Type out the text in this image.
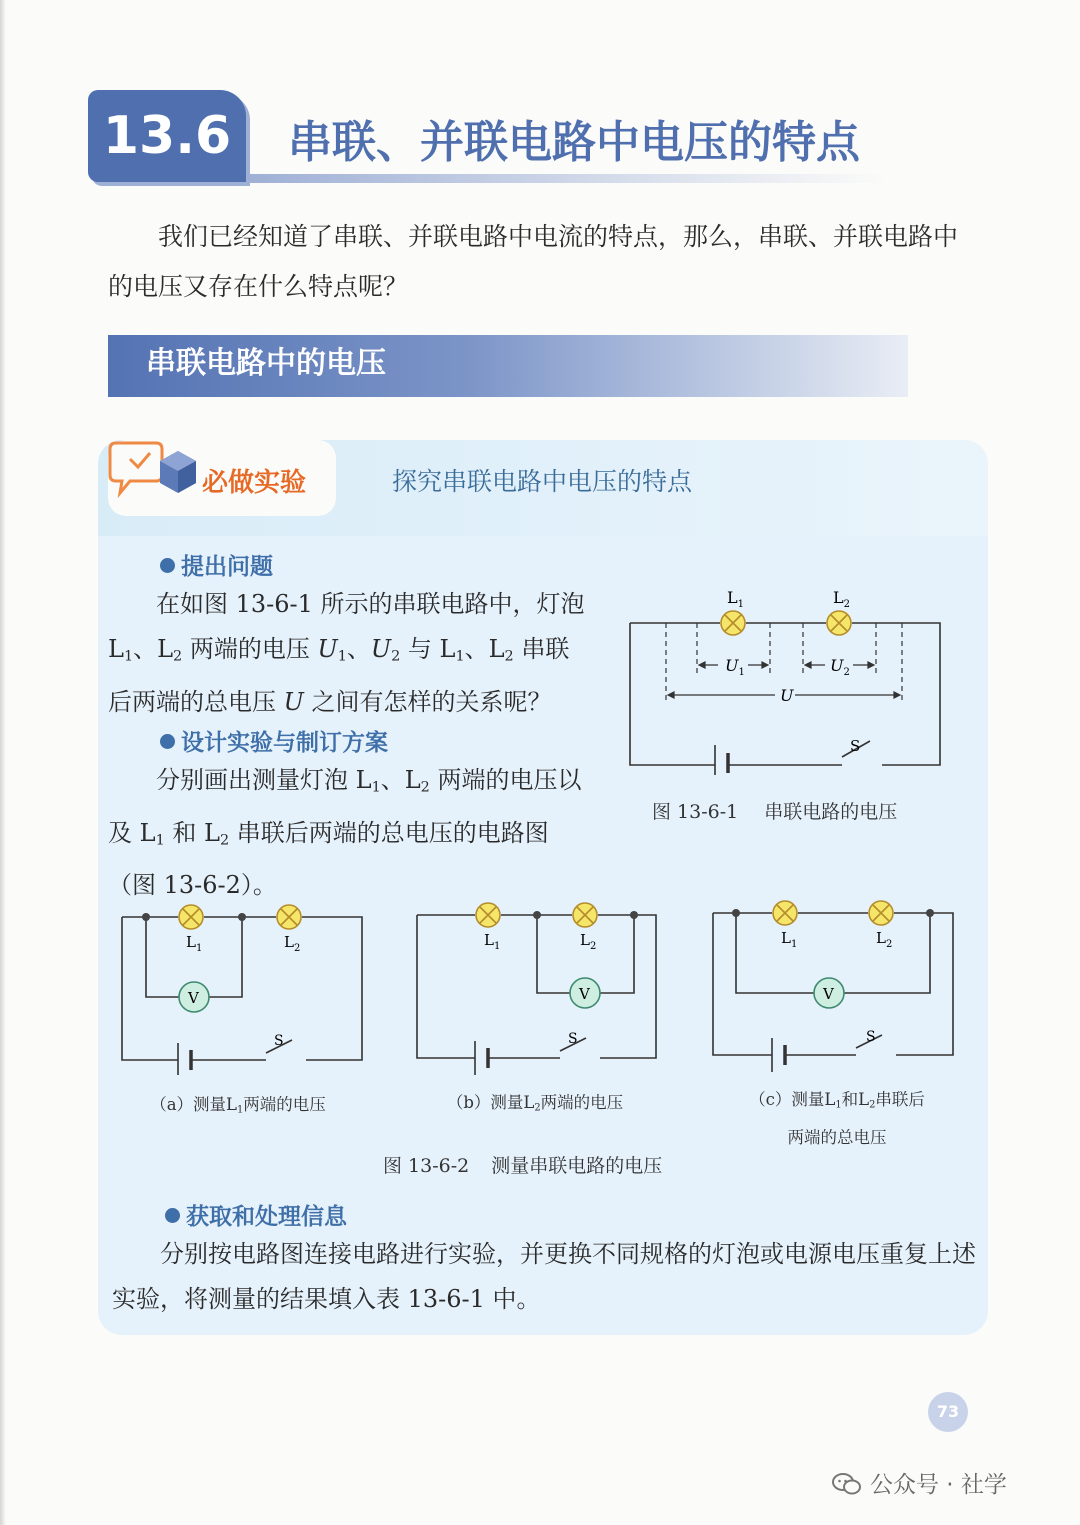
13.6	串联、并联电路中电压的特点

我们已经知道了串联、并联电路中电流的特点，那么，串联、并联电路中的电压又存在什么特点呢？

串联电路中的电压
必做实验	探究串联电路中电压的特点
提出问题

在如图 13-6-1 所示的串联电路中，灯泡 $L_1$、$L_2$ 两端的电压 $U_1$、$U_2$ 与 $L_1$、$L_2$ 串联后两端的总电压 U 之间有怎样的关系呢？

设计实验与制订方案

分别画出测量灯泡 $L_1$、$L_2$ 两端的电压以及 $L_1$ 和 $L_2$ 串联后两端的总电压的电路图（图 13-6-2）。

$L_1$	$L_2$
$U_1$	$U_2$
U
S
图 13-6-1 串联电路的电压
V
$L_1$	$L_2$
S
V
$L_1$	$L_2$
S
V
$L_1$	$L_2$
S
（a）测量$L_1$两端的电压	（b）测量$L_2$两端的电压	（c）测量$L_1$和$L_2$串联后
两端的总电压
图 13-6-2 测量串联电路的电压
获取和处理信息

分别按电路图连接电路进行实验，并更换不同规格的灯泡或电源电压重复上述实验，将测量的结果填入表 13-6-1 中。

73
公众号 · 社学
